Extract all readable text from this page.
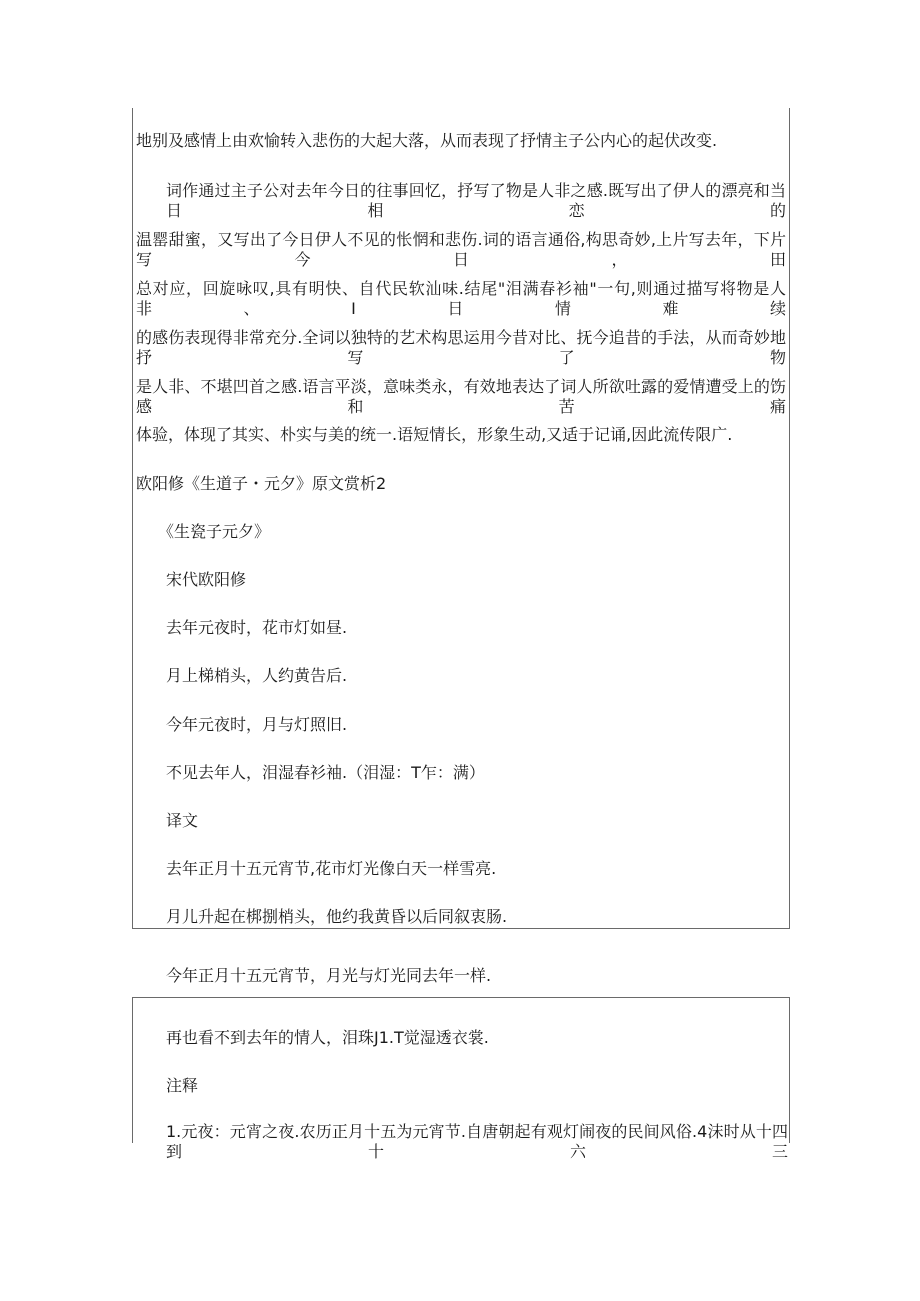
地别及感情上由欢愉转入悲伤的大起大落，从而表现了抒情主子公内心的起伏改变.
词作通过主子公对去年今日的往事回忆，抒写了物是人非之感.既写出了伊人的漂亮和当日相恋的
温罂甜蜜，又写出了今日伊人不见的怅惘和悲伤.词的语言通俗,构思奇妙,上片写去年，下片写今日，田
总对应，回旋咏叹,具有明快、自代民软汕味.结尾"泪满春衫袖"一句,则通过描写将物是人非、I日情难续
的感伤表现得非常充分.全词以独特的艺术构思运用今昔对比、抚今追昔的手法，从而奇妙地抒写了物
是人非、不堪凹首之感.语言平淡，意味类永，有效地表达了词人所欲吐露的爱情遭受上的饬感和苦痛
体验，体现了其实、朴实与美的统一.语短情长，形象生动,又适于记诵,因此流传限广.
欧阳修《生道子・元夕》原文赏析2
《生瓷子元夕》
宋代欧阳修
去年元夜时，花市灯如昼.
月上梯梢头，人约黄告后.
今年元夜时，月与灯照旧.
不见去年人，泪湿春衫袖.（泪湿：T乍：满）
译文
去年正月十五元宵节,花市灯光像白天一样雪亮.
月儿升起在梆捌梢头，他约我黄昏以后同叙衷肠.
今年正月十五元宵节，月光与灯光同去年一样.
再也看不到去年的情人，泪珠J1.T觉湿透衣裳.
注释
1.元夜：元宵之夜.农历正月十五为元宵节.自唐朝起有观灯闹夜的民间风俗.4沫时从十四到十六三
